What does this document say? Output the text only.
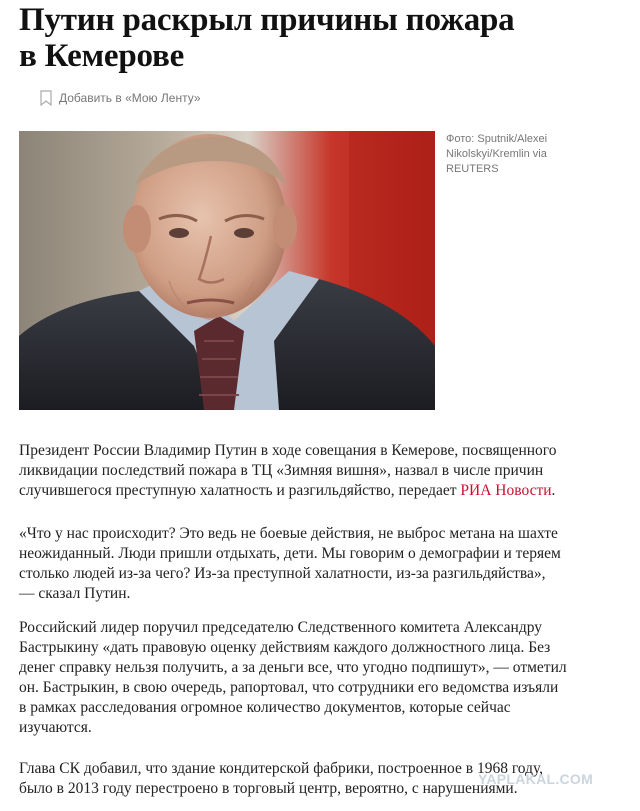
Путин раскрыл причины пожара
в Кемерове
Добавить в «Мою Ленту»
Фото: Sputnik/Alexei
Nikolskyi/Kremlin via
REUTERS
Президент России Владимир Путин в ходе совещания в Кемерове, посвященного
ликвидации последствий пожара в ТЦ «Зимняя вишня», назвал в числе причин
случившегося преступную халатность и разгильдяйство, передает РИА Новости.
«Что у нас происходит? Это ведь не боевые действия, не выброс метана на шахте
неожиданный. Люди пришли отдыхать, дети. Мы говорим о демографии и теряем
столько людей из-за чего? Из-за преступной халатности, из-за разгильдяйства»,
— сказал Путин.
Российский лидер поручил председателю Следственного комитета Александру
Бастрыкину «дать правовую оценку действиям каждого должностного лица. Без
денег справку нельзя получить, а за деньги все, что угодно подпишут», — отметил
он. Бастрыкин, в свою очередь, рапортовал, что сотрудники его ведомства изъяли
в рамках расследования огромное количество документов, которые сейчас
изучаются.
Глава СК добавил, что здание кондитерской фабрики, построенное в 1968 году,
было в 2013 году перестроено в торговый центр, вероятно, с нарушениями.
YAPLAKAL.COM
